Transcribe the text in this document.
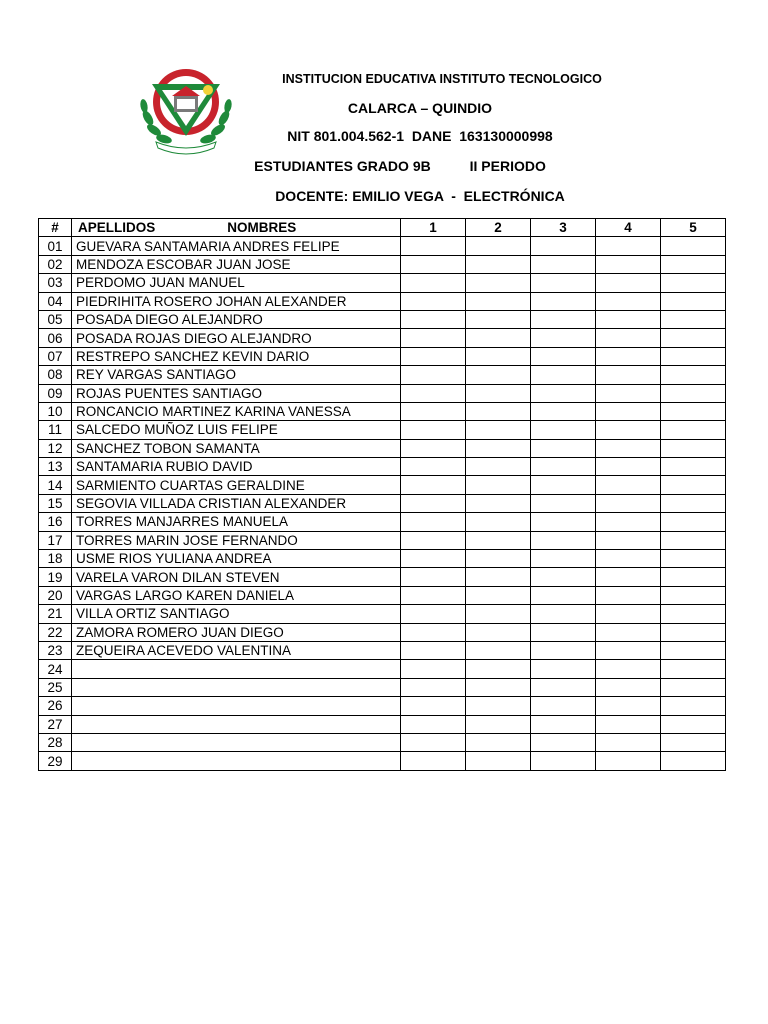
INSTITUCION EDUCATIVA INSTITUTO TECNOLOGICO
CALARCA – QUINDIO
NIT 801.004.562-1  DANE  163130000998
ESTUDIANTES GRADO 9B          II PERIODO
DOCENTE: EMILIO VEGA  -  ELECTRÓNICA
#	APELLIDOS NOMBRES	1	2	3	4	5
01	GUEVARA SANTAMARIA ANDRES FELIPE					
02	MENDOZA ESCOBAR JUAN JOSE					
03	PERDOMO JUAN MANUEL					
04	PIEDRIHITA ROSERO JOHAN ALEXANDER					
05	POSADA DIEGO ALEJANDRO					
06	POSADA ROJAS DIEGO ALEJANDRO					
07	RESTREPO SANCHEZ KEVIN DARIO					
08	REY VARGAS SANTIAGO					
09	ROJAS PUENTES SANTIAGO					
10	RONCANCIO MARTINEZ KARINA VANESSA					
11	SALCEDO MUÑOZ LUIS FELIPE					
12	SANCHEZ TOBON SAMANTA					
13	SANTAMARIA RUBIO DAVID					
14	SARMIENTO CUARTAS GERALDINE					
15	SEGOVIA VILLADA CRISTIAN ALEXANDER					
16	TORRES MANJARRES MANUELA					
17	TORRES MARIN JOSE FERNANDO					
18	USME RIOS YULIANA ANDREA					
19	VARELA VARON DILAN STEVEN					
20	VARGAS LARGO KAREN DANIELA					
21	VILLA ORTIZ SANTIAGO					
22	ZAMORA ROMERO JUAN DIEGO					
23	ZEQUEIRA ACEVEDO VALENTINA					
24						
25						
26						
27						
28						
29						
